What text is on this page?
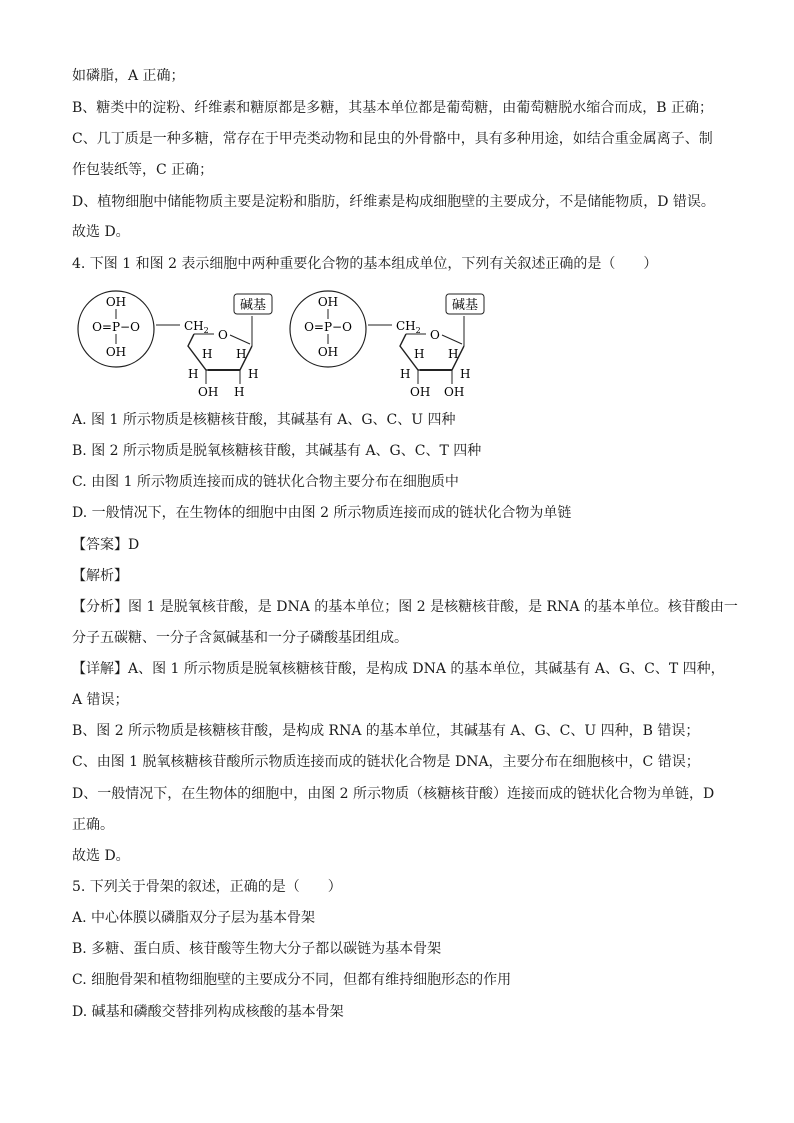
如磷脂，A 正确；
B、糖类中的淀粉、纤维素和糖原都是多糖，其基本单位都是葡萄糖，由葡萄糖脱水缩合而成，B 正确；
C、几丁质是一种多糖，常存在于甲壳类动物和昆虫的外骨骼中，具有多种用途，如结合重金属离子、制
作包装纸等，C 正确；
D、植物细胞中储能物质主要是淀粉和脂肪，纤维素是构成细胞壁的主要成分，不是储能物质，D 错误。
故选 D。
4. 下图 1 和图 2 表示细胞中两种重要化合物的基本组成单位，下列有关叙述正确的是（　　）
OH
O=P−O
OH
$CH_2$ O
碱基
H H
H	H
OH H
OH
O=P−O
OH
$CH_2$ O
碱基
H H
H	H
OH OH
A. 图 1 所示物质是核糖核苷酸，其碱基有 A、G、C、U 四种
B. 图 2 所示物质是脱氧核糖核苷酸，其碱基有 A、G、C、T 四种
C. 由图 1 所示物质连接而成的链状化合物主要分布在细胞质中
D. 一般情况下，在生物体的细胞中由图 2 所示物质连接而成的链状化合物为单链
【答案】D
【解析】
【分析】图 1 是脱氧核苷酸，是 DNA 的基本单位；图 2 是核糖核苷酸，是 RNA 的基本单位。核苷酸由一
分子五碳糖、一分子含氮碱基和一分子磷酸基团组成。
【详解】A、图 1 所示物质是脱氧核糖核苷酸，是构成 DNA 的基本单位，其碱基有 A、G、C、T 四种，
A 错误；
B、图 2 所示物质是核糖核苷酸，是构成 RNA 的基本单位，其碱基有 A、G、C、U 四种，B 错误；
C、由图 1 脱氧核糖核苷酸所示物质连接而成的链状化合物是 DNA，主要分布在细胞核中，C 错误；
D、一般情况下，在生物体的细胞中，由图 2 所示物质（核糖核苷酸）连接而成的链状化合物为单链，D
正确。
故选 D。
5. 下列关于骨架的叙述，正确的是（　　）
A. 中心体膜以磷脂双分子层为基本骨架
B. 多糖、蛋白质、核苷酸等生物大分子都以碳链为基本骨架
C. 细胞骨架和植物细胞壁的主要成分不同，但都有维持细胞形态的作用
D. 碱基和磷酸交替排列构成核酸的基本骨架
